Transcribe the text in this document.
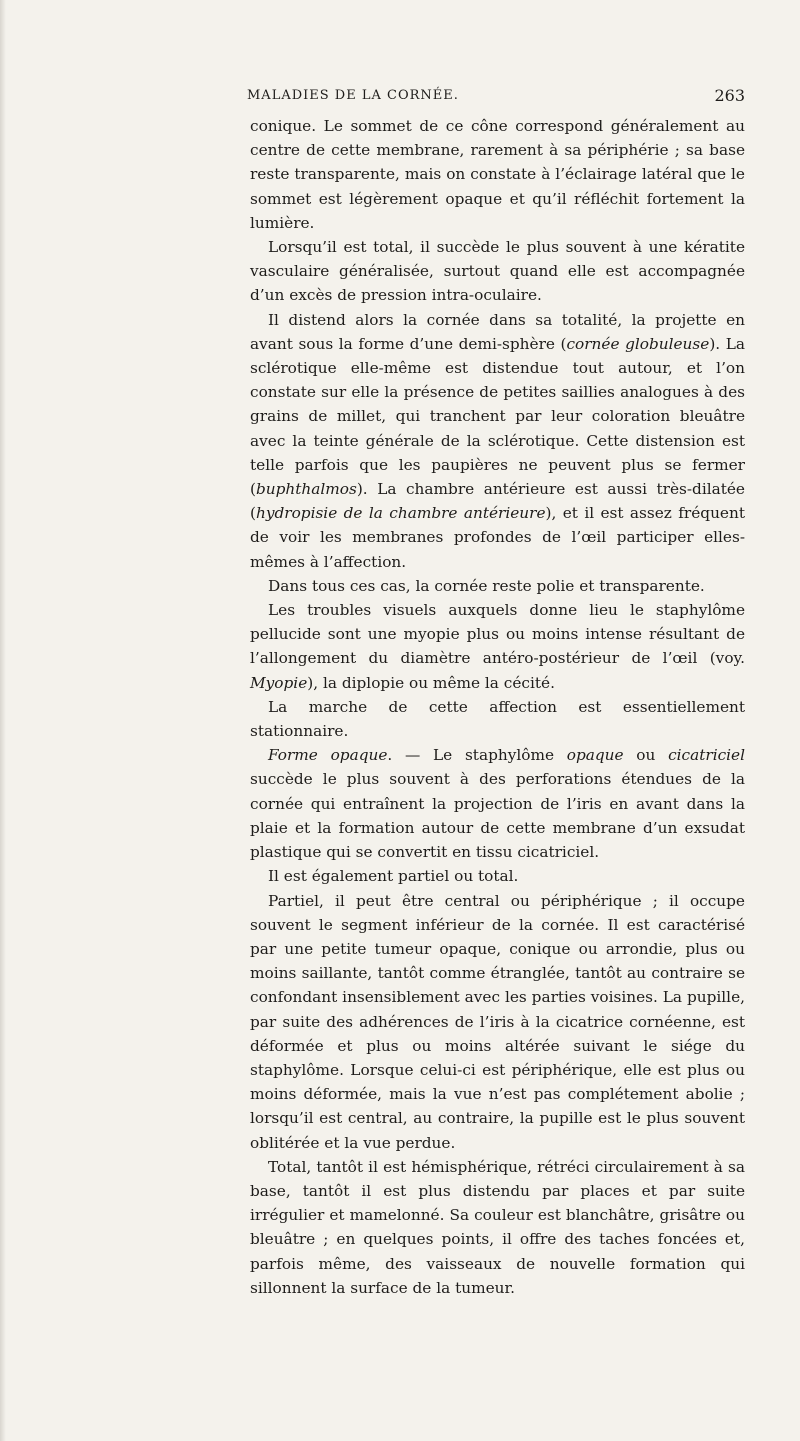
MALADIES DE LA CORNÉE.	263

conique. Le sommet de ce cône correspond généralement au centre de cette membrane, rarement à sa périphérie ; sa base reste transparente, mais on constate à l’éclairage latéral que le sommet est légèrement opaque et qu’il réfléchit fortement la lumière.

Lorsqu’il est total, il succède le plus souvent à une kératite vasculaire généralisée, surtout quand elle est accompagnée d’un excès de pression intra-oculaire.

Il distend alors la cornée dans sa totalité, la projette en avant sous la forme d’une demi-sphère (cornée globuleuse). La sclérotique elle-même est distendue tout autour, et l’on constate sur elle la présence de petites saillies analogues à des grains de millet, qui tranchent par leur coloration bleuâtre avec la teinte générale de la sclérotique. Cette distension est telle parfois que les paupières ne peuvent plus se fermer (buphthalmos). La chambre antérieure est aussi très-dilatée (hydropisie de la chambre antérieure), et il est assez fréquent de voir les membranes profondes de l’œil participer elles-mêmes à l’affection.

Dans tous ces cas, la cornée reste polie et transparente.

Les troubles visuels auxquels donne lieu le staphylôme pellucide sont une myopie plus ou moins intense résultant de l’allongement du diamètre antéro-postérieur de l’œil (voy. Myopie), la diplopie ou même la cécité.

La marche de cette affection est essentiellement stationnaire.

Forme opaque. — Le staphylôme opaque ou cicatriciel succède le plus souvent à des perforations étendues de la cornée qui entraînent la projection de l’iris en avant dans la plaie et la formation autour de cette membrane d’un exsudat plastique qui se convertit en tissu cicatriciel.

Il est également partiel ou total.

Partiel, il peut être central ou périphérique ; il occupe souvent le segment inférieur de la cornée. Il est caractérisé par une petite tumeur opaque, conique ou arrondie, plus ou moins saillante, tantôt comme étranglée, tantôt au contraire se confondant insensiblement avec les parties voisines. La pupille, par suite des adhérences de l’iris à la cicatrice cornéenne, est déformée et plus ou moins altérée suivant le siége du staphylôme. Lorsque celui-ci est périphérique, elle est plus ou moins déformée, mais la vue n’est pas complétement abolie ; lorsqu’il est central, au contraire, la pupille est le plus souvent oblitérée et la vue perdue.

Total, tantôt il est hémisphérique, rétréci circulairement à sa base, tantôt il est plus distendu par places et par suite irrégulier et mamelonné. Sa couleur est blanchâtre, grisâtre ou bleuâtre ; en quelques points, il offre des taches foncées et, parfois même, des vaisseaux de nouvelle formation qui sillonnent la surface de la tumeur.
